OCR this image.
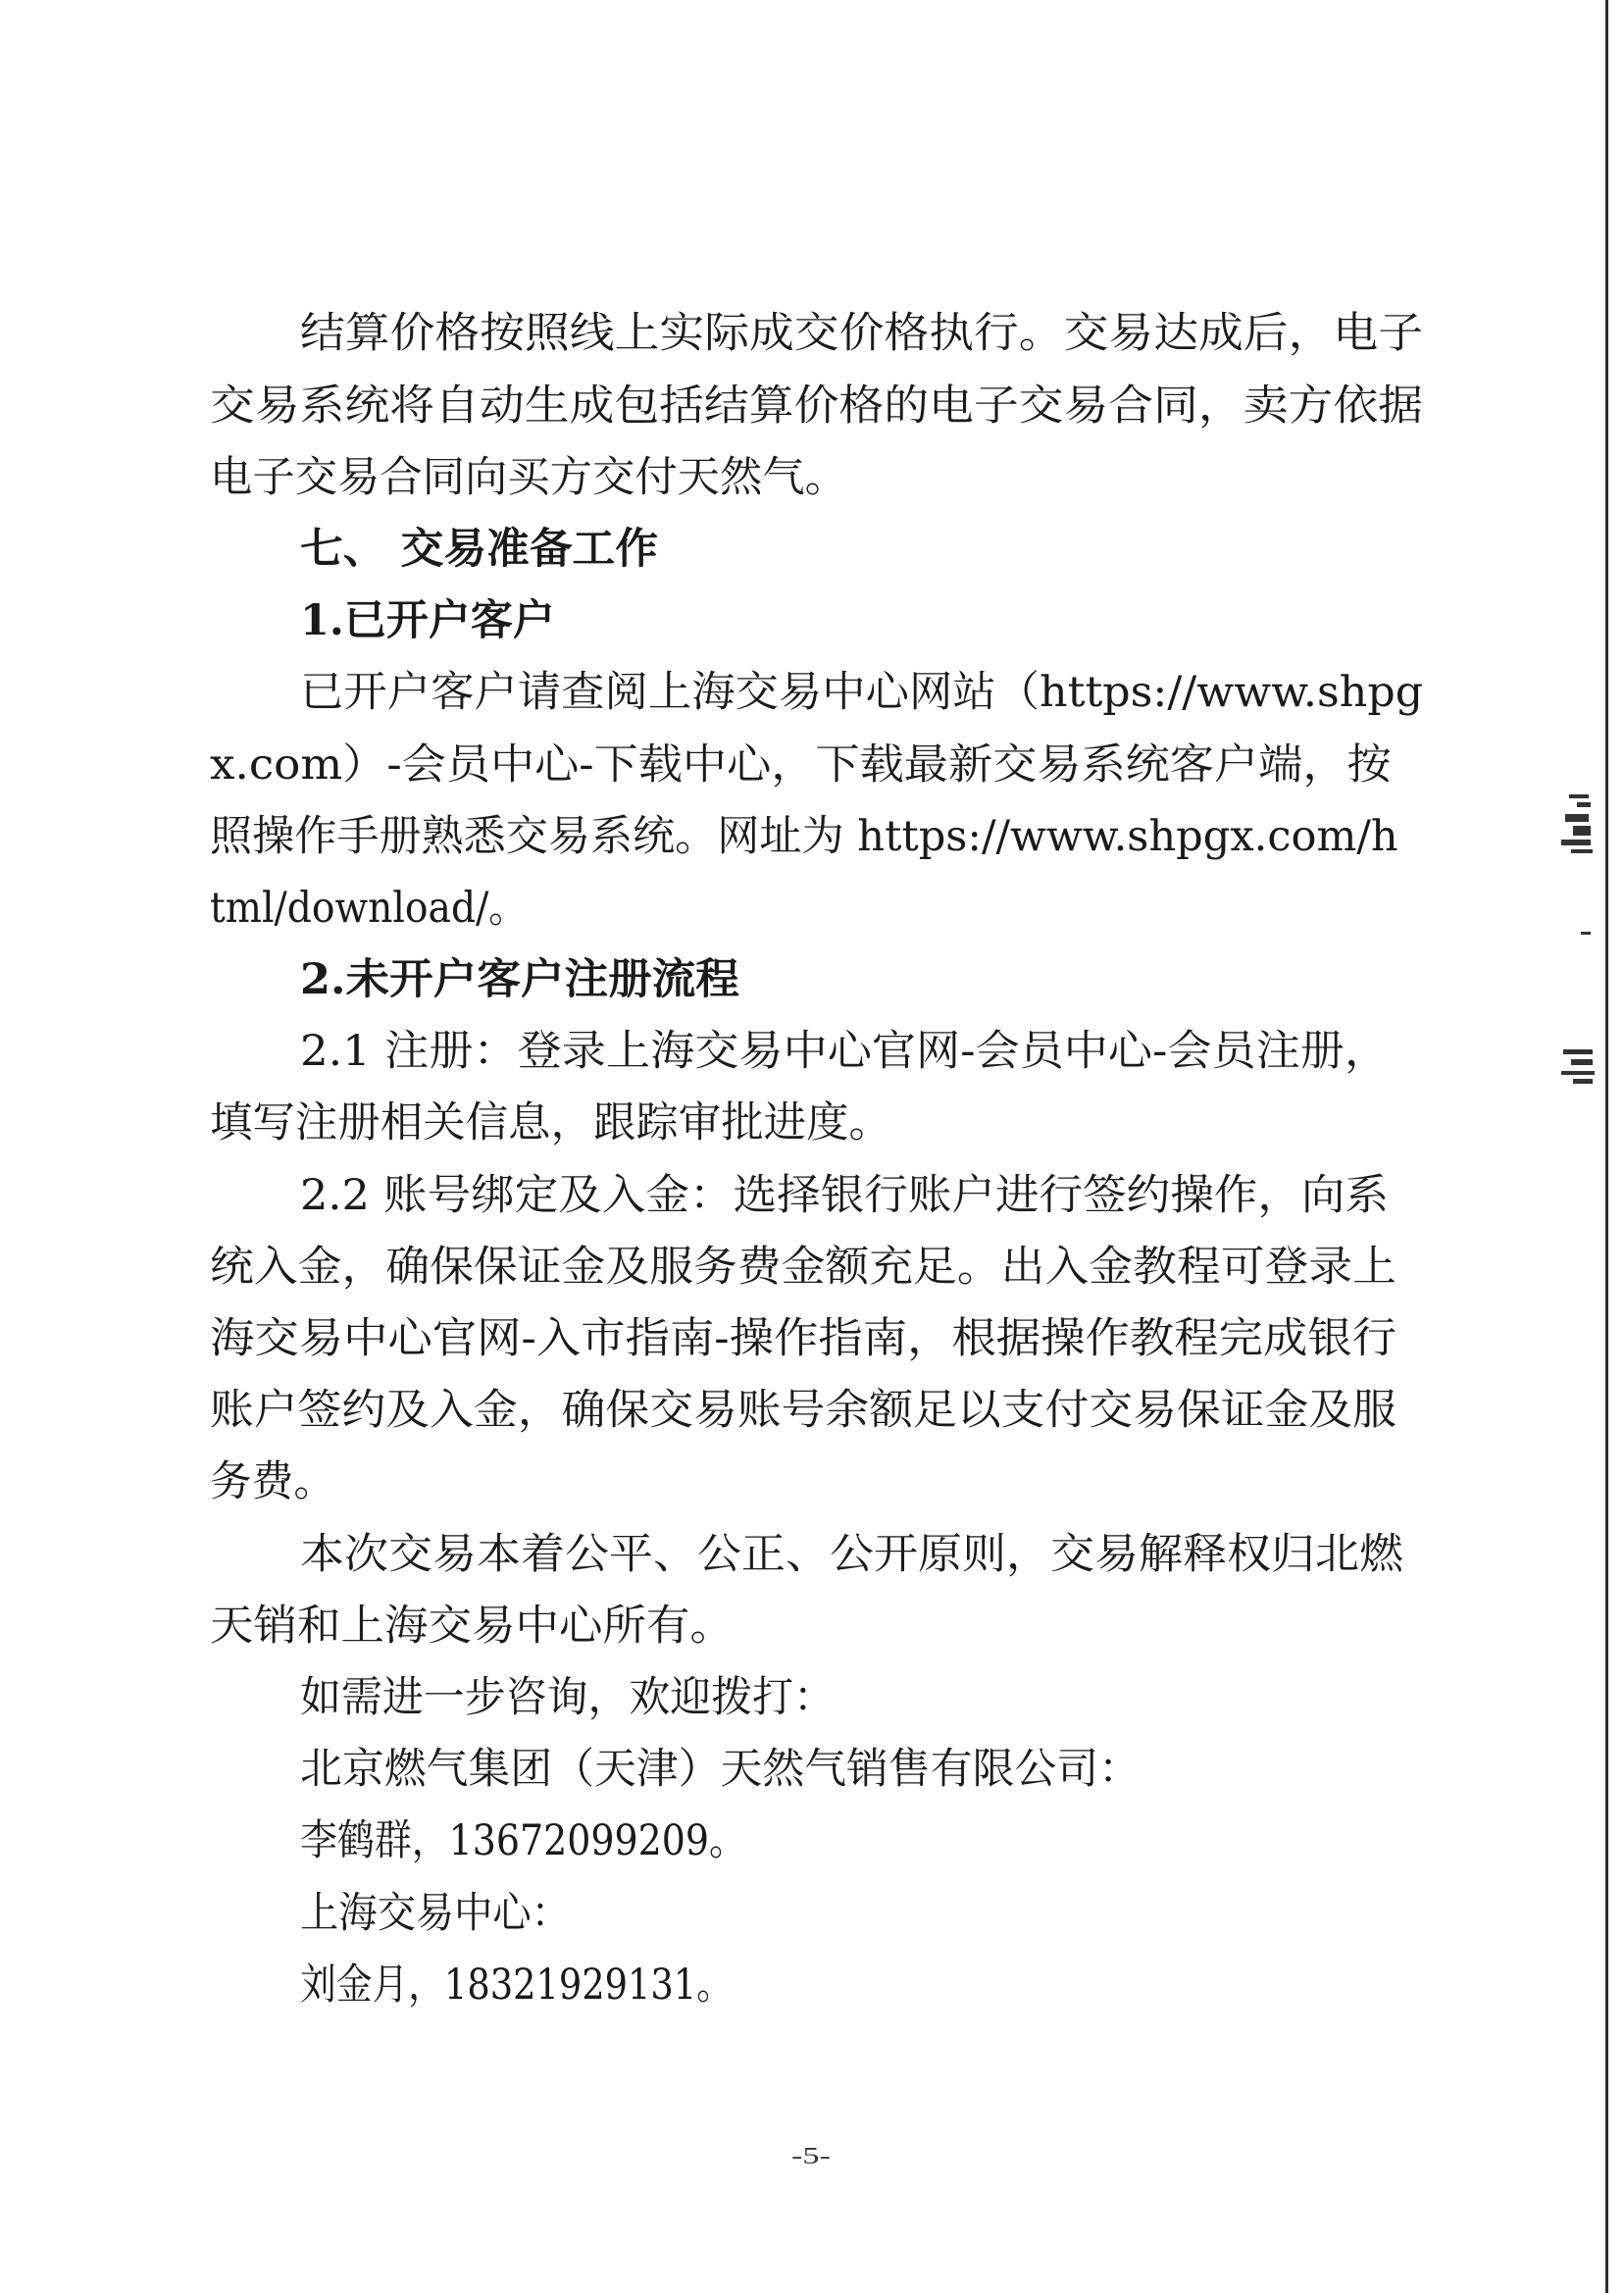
结算价格按照线上实际成交价格执行。交易达成后，电子
交易系统将自动生成包括结算价格的电子交易合同，卖方依据
电子交易合同向买方交付天然气。
七、 交易准备工作
1.已开户客户
已开户客户请查阅上海交易中心网站（https://www.shpg
x.com）-会员中心-下载中心，下载最新交易系统客户端，按
照操作手册熟悉交易系统。网址为 https://www.shpgx.com/h
tml/download/。
2.未开户客户注册流程
2.1 注册：登录上海交易中心官网-会员中心-会员注册，
填写注册相关信息，跟踪审批进度。
2.2 账号绑定及入金：选择银行账户进行签约操作，向系
统入金，确保保证金及服务费金额充足。出入金教程可登录上
海交易中心官网-入市指南-操作指南，根据操作教程完成银行
账户签约及入金，确保交易账号余额足以支付交易保证金及服
务费。
本次交易本着公平、公正、公开原则，交易解释权归北燃
天销和上海交易中心所有。
如需进一步咨询，欢迎拨打：
北京燃气集团（天津）天然气销售有限公司：
李鹤群，13672099209。
上海交易中心：
刘金月，18321929131。
-5-
